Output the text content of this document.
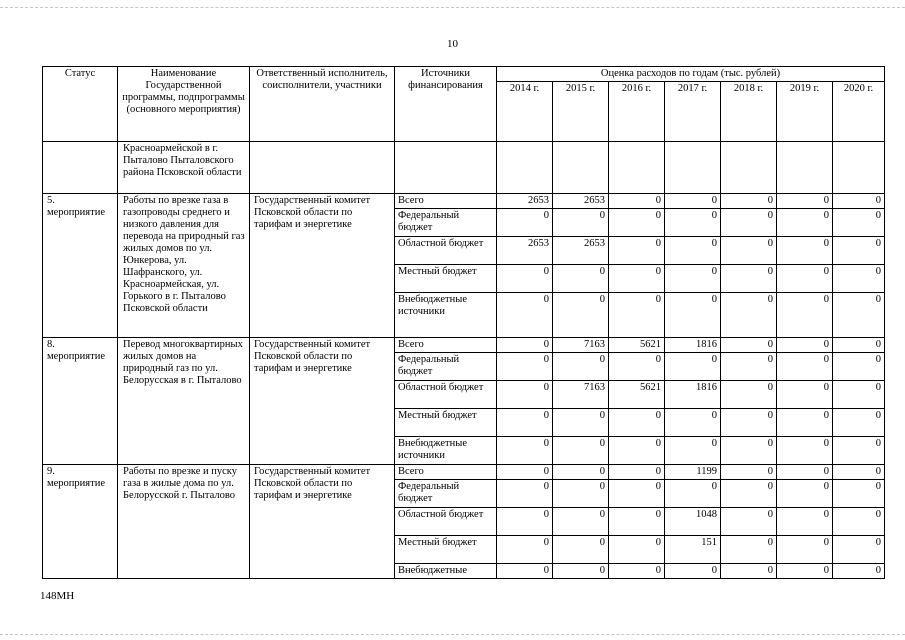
10
Статус	Наименование Государственной программы, подпрограммы (основного мероприятия)	Ответственный исполнитель, соисполнители, участники	Источники финансирования	Оценка расходов по годам (тыс. рублей)						
				2014 г.	2015 г.	2016 г.	2017 г.	2018 г.	2019 г.	2020 г.
	Красноармейской в г. Пыталово Пыталовского района Псковской области									
5. мероприятие	Работы по врезке газа в газопроводы среднего и низкого давления для перевода на природный газ жилых домов по ул. Юнкерова, ул. Шафранского, ул. Красноармейская, ул. Горького в г. Пыталово Псковской области	Государственный комитет Псковской области по тарифам и энергетике	Всего	2653	2653	0	0	0	0	0
			Федеральный бюджет	0	0	0	0	0	0	0
			Областной бюджет	2653	2653	0	0	0	0	0
			Местный бюджет	0	0	0	0	0	0	0
			Внебюджетные источники	0	0	0	0	0	0	0
8. мероприятие	Перевод многоквартирных жилых домов на природный газ по ул. Белорусская в г. Пыталово	Государственный комитет Псковской области по тарифам и энергетике	Всего	0	7163	5621	1816	0	0	0
			Федеральный бюджет	0	0	0	0	0	0	0
			Областной бюджет	0	7163	5621	1816	0	0	0
			Местный бюджет	0	0	0	0	0	0	0
			Внебюджетные источники	0	0	0	0	0	0	0
9. мероприятие	Работы по врезке и пуску газа в жилые дома по ул. Белорусской г. Пыталово	Государственный комитет Псковской области по тарифам и энергетике	Всего	0	0	0	1199	0	0	0
			Федеральный бюджет	0	0	0	0	0	0	0
			Областной бюджет	0	0	0	1048	0	0	0
			Местный бюджет	0	0	0	151	0	0	0
			Внебюджетные	0	0	0	0	0	0	0
148МН
